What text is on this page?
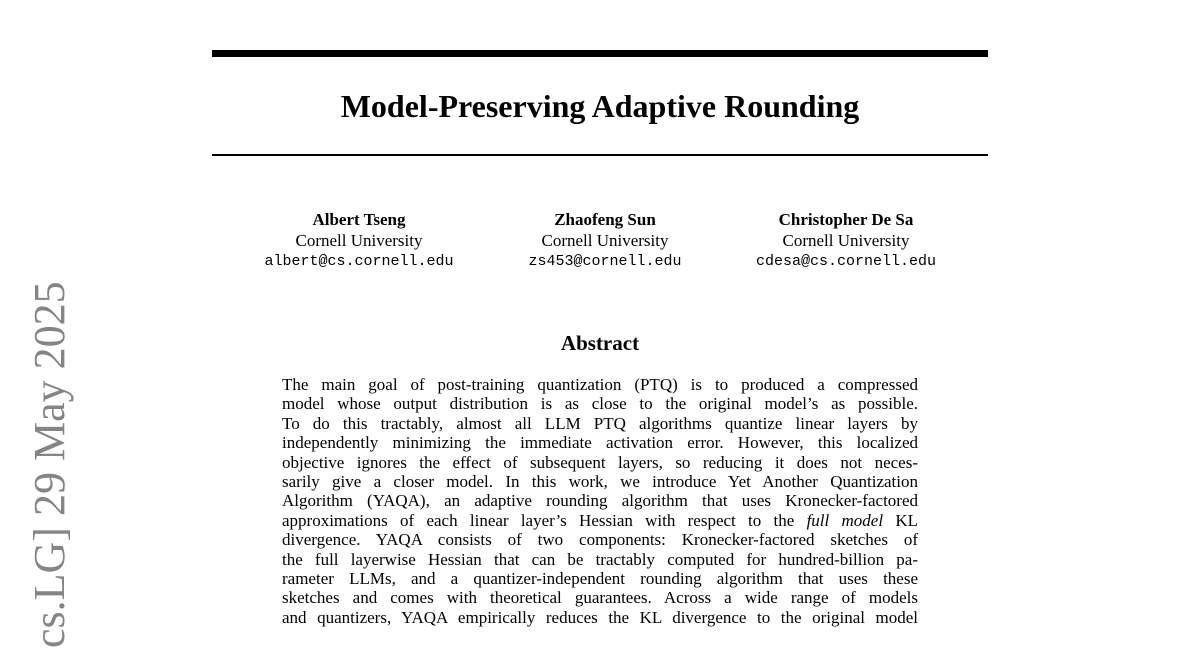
Model-Preserving Adaptive Rounding
Albert Tseng
Cornell University
albert@cs.cornell.edu
Zhaofeng Sun
Cornell University
zs453@cornell.edu
Christopher De Sa
Cornell University
cdesa@cs.cornell.edu
Abstract
The main goal of post-training quantization (PTQ) is to produced a compressed
model whose output distribution is as close to the original model’s as possible.
To do this tractably, almost all LLM PTQ algorithms quantize linear layers by
independently minimizing the immediate activation error. However, this localized
objective ignores the effect of subsequent layers, so reducing it does not neces-
sarily give a closer model. In this work, we introduce Yet Another Quantization
Algorithm (YAQA), an adaptive rounding algorithm that uses Kronecker-factored
approximations of each linear layer’s Hessian with respect to the full model KL
divergence. YAQA consists of two components: Kronecker-factored sketches of
the full layerwise Hessian that can be tractably computed for hundred-billion pa-
rameter LLMs, and a quantizer-independent rounding algorithm that uses these
sketches and comes with theoretical guarantees. Across a wide range of models
and quantizers, YAQA empirically reduces the KL divergence to the original model
cs.LG] 29 May 2025
